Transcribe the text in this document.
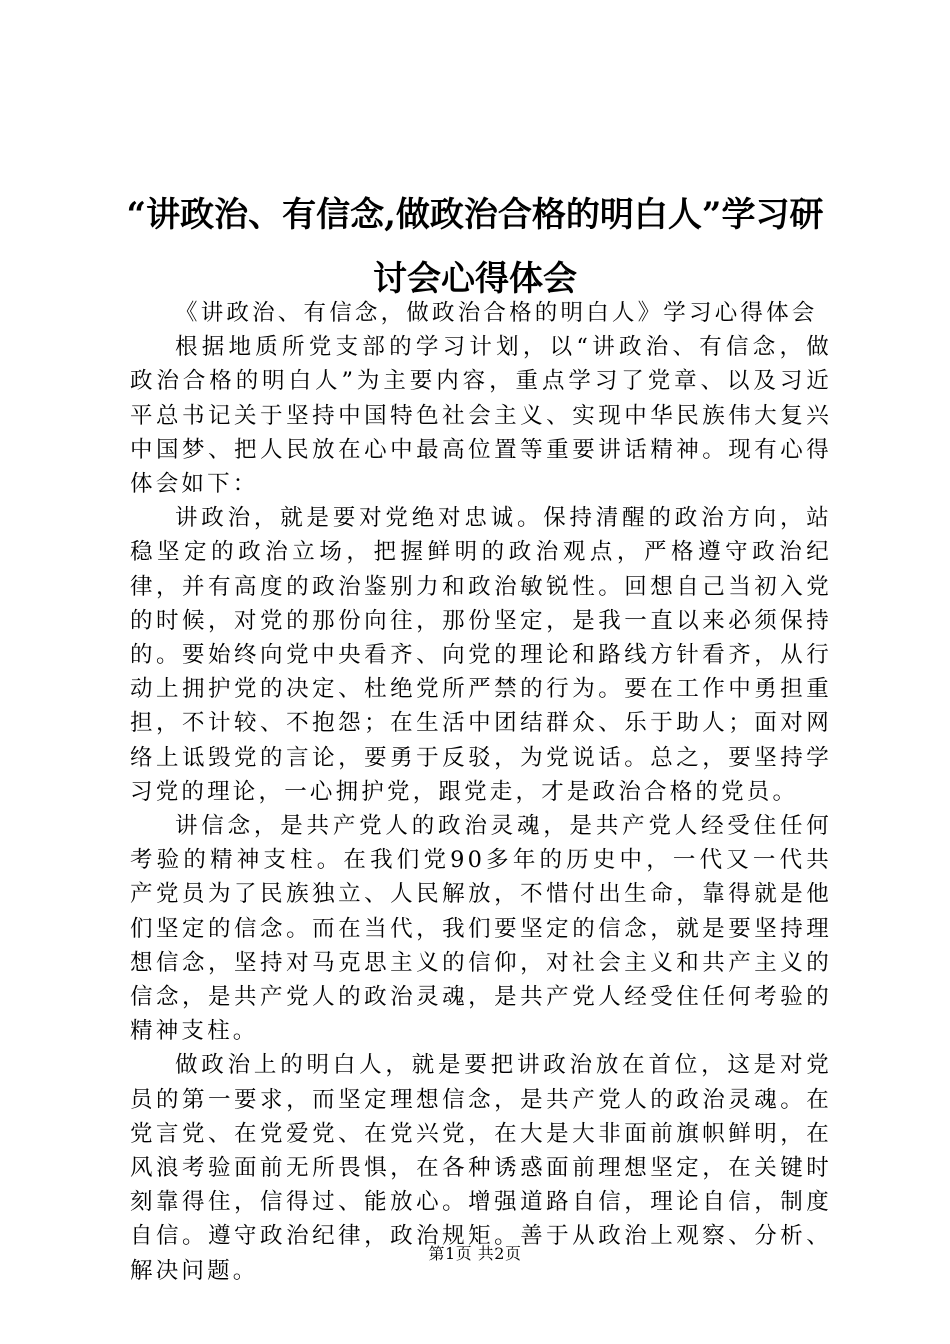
“讲政治、有信念,做政治合格的明白人”学习研讨会心得体会

《讲政治、有信念，做政治合格的明白人》学习心得体会

根据地质所党支部的学习计划，以“讲政治、有信念，做政治合格的明白人”为主要内容，重点学习了党章、以及习近平总书记关于坚持中国特色社会主义、实现中华民族伟大复兴中国梦、把人民放在心中最高位置等重要讲话精神。现有心得体会如下：

讲政治，就是要对党绝对忠诚。保持清醒的政治方向，站稳坚定的政治立场，把握鲜明的政治观点，严格遵守政治纪律，并有高度的政治鉴别力和政治敏锐性。回想自己当初入党的时候，对党的那份向往，那份坚定，是我一直以来必须保持的。要始终向党中央看齐、向党的理论和路线方针看齐，从行动上拥护党的决定、杜绝党所严禁的行为。要在工作中勇担重担，不计较、不抱怨；在生活中团结群众、乐于助人；面对网络上诋毁党的言论，要勇于反驳，为党说话。总之，要坚持学习党的理论，一心拥护党，跟党走，才是政治合格的党员。

讲信念，是共产党人的政治灵魂，是共产党人经受住任何考验的精神支柱。在我们党90多年的历史中，一代又一代共产党员为了民族独立、人民解放，不惜付出生命，靠得就是他们坚定的信念。而在当代，我们要坚定的信念，就是要坚持理想信念，坚持对马克思主义的信仰，对社会主义和共产主义的信念，是共产党人的政治灵魂，是共产党人经受住任何考验的精神支柱。

做政治上的明白人，就是要把讲政治放在首位，这是对党员的第一要求，而坚定理想信念，是共产党人的政治灵魂。在党言党、在党爱党、在党兴党，在大是大非面前旗帜鲜明，在风浪考验面前无所畏惧，在各种诱惑面前理想坚定，在关键时刻靠得住，信得过、能放心。增强道路自信，理论自信，制度自信。遵守政治纪律，政治规矩。善于从政治上观察、分析、解决问题。

第1页 共2页
